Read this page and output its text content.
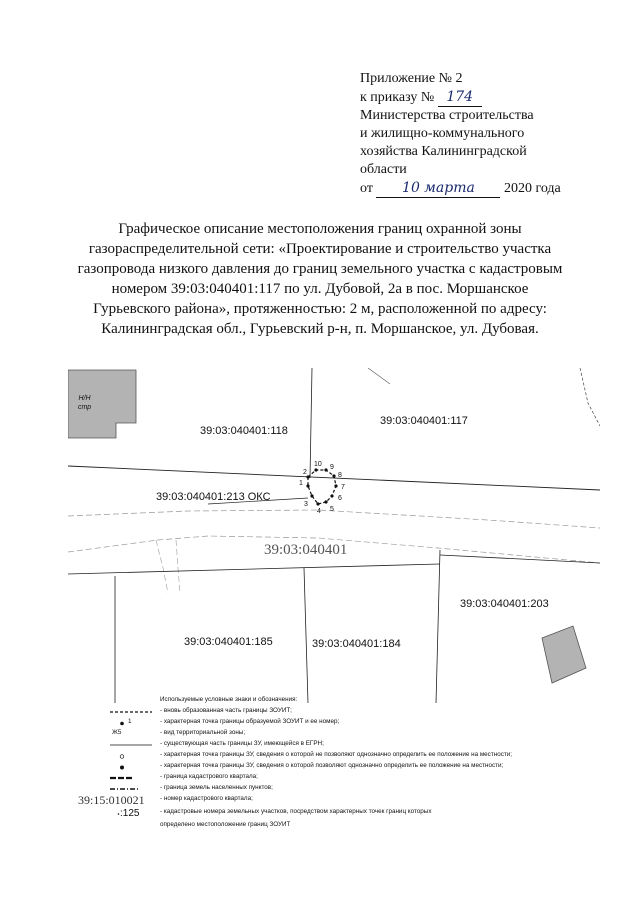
Приложение № 2
к приказу № 174
Министерства строительства
и жилищно-коммунального
хозяйства Калининградской
области
от 10 марта 2020 года
Графическое описание местоположения границ охранной зоны
газораспределительной сети: «Проектирование и строительство участка
газопровода низкого давления до границ земельного участка с кадастровым
номером 39:03:040401:117 по ул. Дубовой, 2а в пос. Моршанское
Гурьевского района», протяженностью: 2 м, расположенной по адресу:
Калининградская обл., Гурьевский р-н, п. Моршанское, ул. Дубовая.
Н/Н
стр
39:03:040401:118
39:03:040401:117
39:03:040401:213 ОКС
39:03:040401
39:03:040401:203
39:03:040401:185	39:03:040401:184
1
2
3
4 5
6
7
8
9
10
Используемые условные знаки и обозначения:
- вновь образованная часть границы ЗОУИТ;
1	- характерная точка границы образуемой ЗОУИТ и ее номер;
Ж5	- вид территориальной зоны;
- существующая часть границы ЗУ, имеющейся в ЕГРН;
- характерная точка границы ЗУ, сведения о которой не позволяют однозначно определить ее положение на местности;
- характерная точка границы ЗУ, сведения о которой позволяют однозначно определить ее положение на местности;
- граница кадастрового квартала;
- граница земель населенных пунктов;
39:15:010021 - номер кадастрового квартала;
:125	- кадастровые номера земельных участков, посредством характерных точек границ которых
определено местоположение границ ЗОУИТ
